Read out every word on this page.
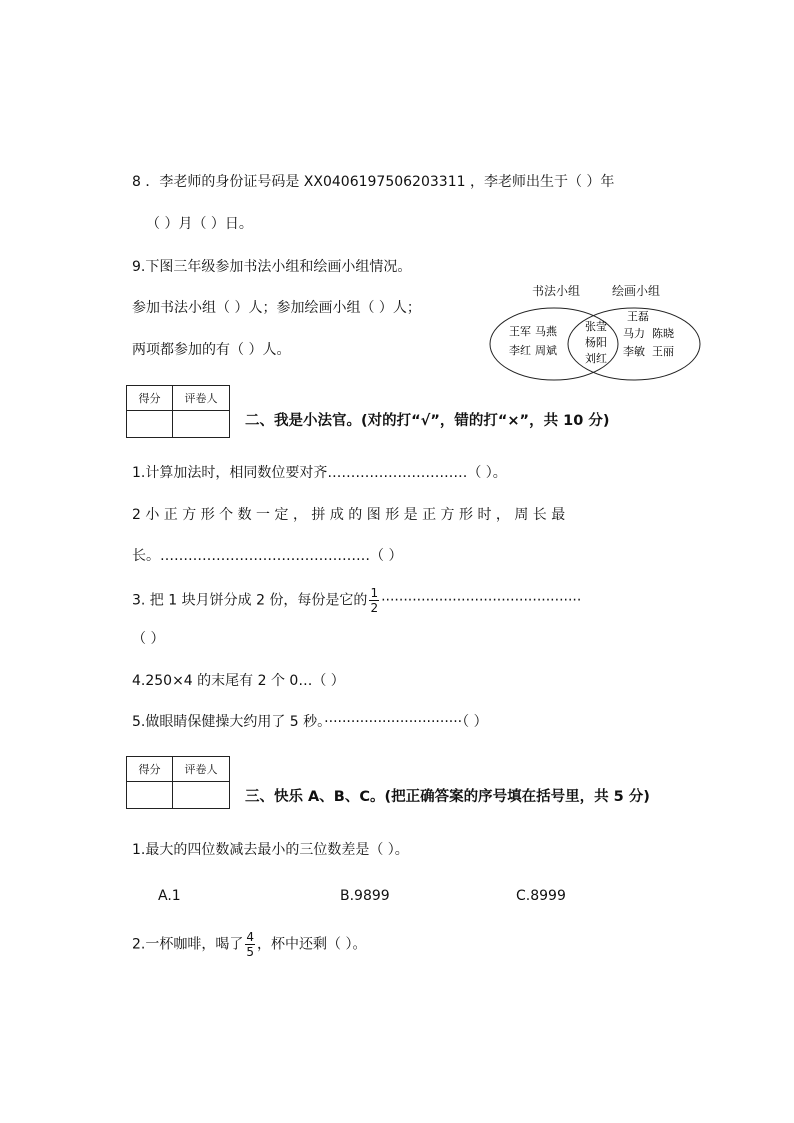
8 ．李老师的身份证号码是 XX0406197506203311 ，李老师出生于（ ）年
（ ）月（ ）日。
9.下图三年级参加书法小组和绘画小组情况。
参加书法小组（ ）人；参加绘画小组（ ）人；
两项都参加的有（ ）人。
书法小组	绘画小组
王军 马燕
李红 周斌
张莹
杨阳
刘红
王磊
马力 陈晓
李敏 王丽
得分	评卷人

二、我是小法官。(对的打“√”，错的打“×”，共 10 分)
1.计算加法时，相同数位要对齐…………………………（ ）。
2 小 正 方 形 个 数 一 定 ， 拼 成 的 图 形 是 正 方 形 时 ， 周 长 最
长。………………………………………（ ）
3. 把 1 块月饼分成 2 份，每份是它的 $\frac{1}{2}$ ·············································
（ ）
4.250×4 的末尾有 2 个 0…（ ）
5.做眼睛保健操大约用了 5 秒。·······························（ ）
得分	评卷人

三、快乐 A、B、C。(把正确答案的序号填在括号里，共 5 分)
1.最大的四位数减去最小的三位数差是（ ）。
A.1	B.9899	C.8999
2.一杯咖啡，喝了 $\frac{4}{5}$ ，杯中还剩（ ）。
